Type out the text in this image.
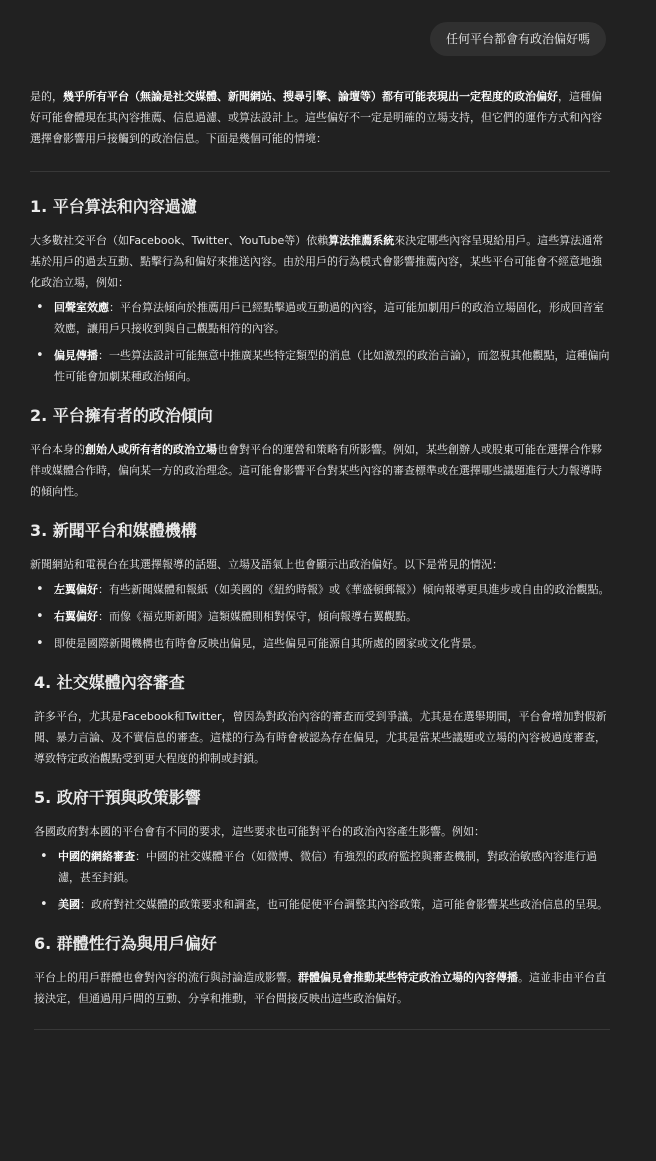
任何平台都會有政治偏好嗎

是的，幾乎所有平台（無論是社交媒體、新聞網站、搜尋引擎、論壇等）都有可能表現出一定程度的政治偏好，這種偏好可能會體現在其內容推薦、信息過濾、或算法設計上。這些偏好不一定是明確的立場支持，但它們的運作方式和內容選擇會影響用戶接觸到的政治信息。下面是幾個可能的情境：

1. 平台算法和內容過濾

大多數社交平台（如Facebook、Twitter、YouTube等）依賴算法推薦系統來決定哪些內容呈現給用戶。這些算法通常基於用戶的過去互動、點擊行為和偏好來推送內容。由於用戶的行為模式會影響推薦內容，某些平台可能會不經意地強化政治立場，例如：

• 回聲室效應：平台算法傾向於推薦用戶已經點擊過或互動過的內容，這可能加劇用戶的政治立場固化，形成回音室效應，讓用戶只接收到與自己觀點相符的內容。
• 偏見傳播：一些算法設計可能無意中推廣某些特定類型的消息（比如激烈的政治言論），而忽視其他觀點，這種偏向性可能會加劇某種政治傾向。
2. 平台擁有者的政治傾向

平台本身的創始人或所有者的政治立場也會對平台的運營和策略有所影響。例如，某些創辦人或股東可能在選擇合作夥伴或媒體合作時，偏向某一方的政治理念。這可能會影響平台對某些內容的審查標準或在選擇哪些議題進行大力報導時的傾向性。

3. 新聞平台和媒體機構

新聞網站和電視台在其選擇報導的話題、立場及語氣上也會顯示出政治偏好。以下是常見的情況：

• 左翼偏好：有些新聞媒體和報紙（如美國的《紐約時報》或《華盛頓郵報》）傾向報導更具進步或自由的政治觀點。
• 右翼偏好：而像《福克斯新聞》這類媒體則相對保守，傾向報導右翼觀點。
• 即使是國際新聞機構也有時會反映出偏見，這些偏見可能源自其所處的國家或文化背景。
4. 社交媒體內容審查

許多平台，尤其是Facebook和Twitter，曾因為對政治內容的審查而受到爭議。尤其是在選舉期間，平台會增加對假新聞、暴力言論、及不實信息的審查。這樣的行為有時會被認為存在偏見，尤其是當某些議題或立場的內容被過度審查，導致特定政治觀點受到更大程度的抑制或封鎖。

5. 政府干預與政策影響

各國政府對本國的平台會有不同的要求，這些要求也可能對平台的政治內容產生影響。例如：

• 中國的網絡審查：中國的社交媒體平台（如微博、微信）有強烈的政府監控與審查機制，對政治敏感內容進行過濾，甚至封鎖。
• 美國：政府對社交媒體的政策要求和調查，也可能促使平台調整其內容政策，這可能會影響某些政治信息的呈現。
6. 群體性行為與用戶偏好

平台上的用戶群體也會對內容的流行與討論造成影響。群體偏見會推動某些特定政治立場的內容傳播。這並非由平台直接決定，但通過用戶間的互動、分享和推動，平台間接反映出這些政治偏好。
